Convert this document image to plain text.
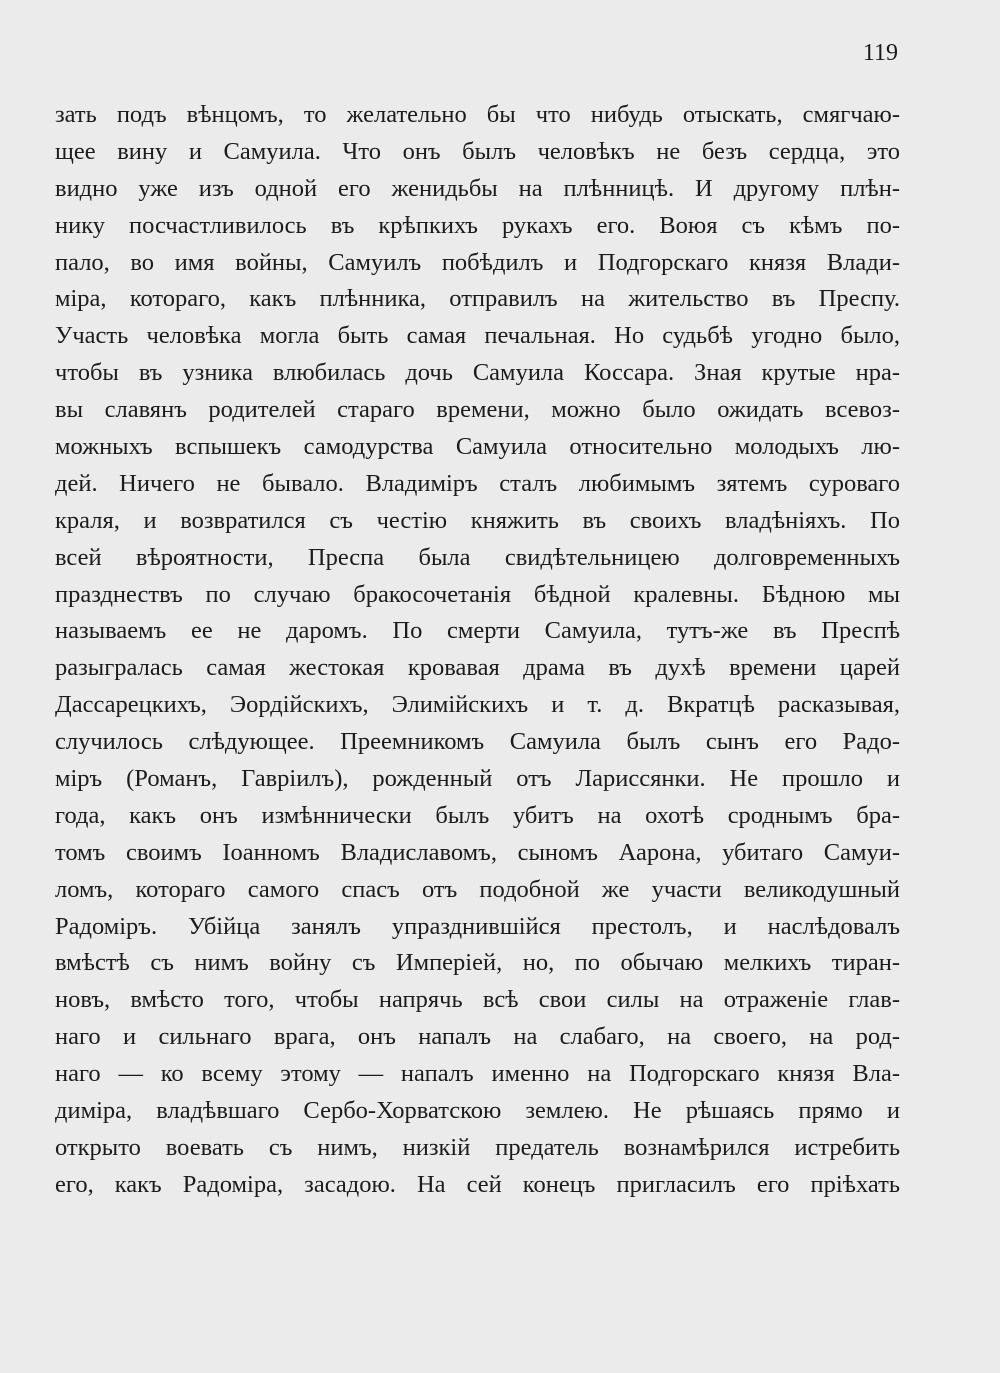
119
зать подъ вѣнцомъ, то желательно бы что нибудь отыскать, смягчаю-
щее вину и Самуила. Что онъ былъ человѣкъ не безъ сердца, это
видно уже изъ одной его женидьбы на плѣнницѣ. И другому плѣн-
нику посчастливилось въ крѣпкихъ рукахъ его. Воюя съ кѣмъ по-
пало, во имя войны, Самуилъ побѣдилъ и Подгорскаго князя Влади-
міра, котораго, какъ плѣнника, отправилъ на жительство въ Преспу.
Участь человѣка могла быть самая печальная. Но судьбѣ угодно было,
чтобы въ узника влюбилась дочь Самуила Коссара. Зная крутые нра-
вы славянъ родителей стараго времени, можно было ожидать всевоз-
можныхъ вспышекъ самодурства Самуила относительно молодыхъ лю-
дей. Ничего не бывало. Владиміръ сталъ любимымъ зятемъ суроваго
краля, и возвратился съ честію княжить въ своихъ владѣніяхъ. По
всей вѣроятности, Преспа была свидѣтельницею долговременныхъ
празднествъ по случаю бракосочетанія бѣдной кралевны. Бѣдною мы
называемъ ее не даромъ. По смерти Самуила, тутъ-же въ Преспѣ
разыгралась самая жестокая кровавая драма въ духѣ времени царей
Дассарецкихъ, Эордійскихъ, Элимійскихъ и т. д. Вкратцѣ расказывая,
случилось слѣдующее. Преемникомъ Самуила былъ сынъ его Радо-
міръ (Романъ, Гавріилъ), рожденный отъ Ларисcянки. Не прошло и
года, какъ онъ измѣннически былъ убитъ на охотѣ сроднымъ бра-
томъ своимъ Іоанномъ Владиславомъ, сыномъ Аарона, убитаго Самуи-
ломъ, котораго самого спасъ отъ подобной же участи великодушный
Радоміръ. Убійца занялъ упразднившійся престолъ, и наслѣдовалъ
вмѣстѣ съ нимъ войну съ Имперіей, но, по обычаю мелкихъ тиран-
новъ, вмѣсто того, чтобы напрячь всѣ свои силы на отраженіе глав-
наго и сильнаго врага, онъ напалъ на слабаго, на своего, на род-
наго — ко всему этому — напалъ именно на Подгорскаго князя Вла-
диміра, владѣвшаго Сербо-Хорватскою землею. Не рѣшаясь прямо и
открыто воевать съ нимъ, низкій предатель вознамѣрился истребить
его, какъ Радоміра, засадою. На сей конецъ пригласилъ его пріѣхать
